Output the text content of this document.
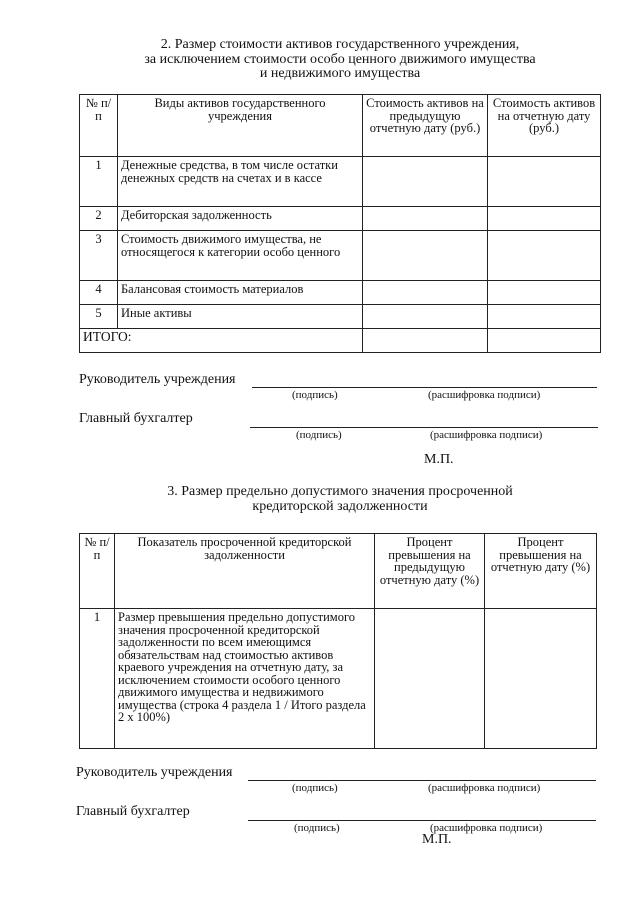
2. Размер стоимости активов государственного учреждения,
за исключением стоимости особо ценного движимого имущества
и недвижимого имущества
№ п/п	Виды активов государственного учреждения	Стоимость активов на предыдущую отчетную дату (руб.)	Стоимость активов на отчетную дату (руб.)
1	Денежные средства, в том числе остатки денежных средств на счетах и в кассе		
2	Дебиторская задолженность		
3	Стоимость движимого имущества, не относящегося к категории особо ценного		
4	Балансовая стоимость материалов		
5	Иные активы		
ИТОГО:			
Руководитель учреждения
(подпись)	(расшифровка подписи)
Главный бухгалтер
(подпись)	(расшифровка подписи)
М.П.
3. Размер предельно допустимого значения просроченной
кредиторской задолженности
№ п/п	Показатель просроченной кредиторской задолженности	Процент превышения на предыдущую отчетную дату (%)	Процент превышения на отчетную дату (%)
1	Размер превышения предельно допустимого значения просроченной кредиторской задолженности по всем имеющимся обязательствам над стоимостью активов краевого учреждения на отчетную дату, за исключением стоимости особого ценного движимого имущества и недвижимого имущества (строка 4 раздела 1 / Итого раздела 2 x 100%)		
Руководитель учреждения
(подпись)	(расшифровка подписи)
Главный бухгалтер
(подпись)	(расшифровка подписи)
М.П.
